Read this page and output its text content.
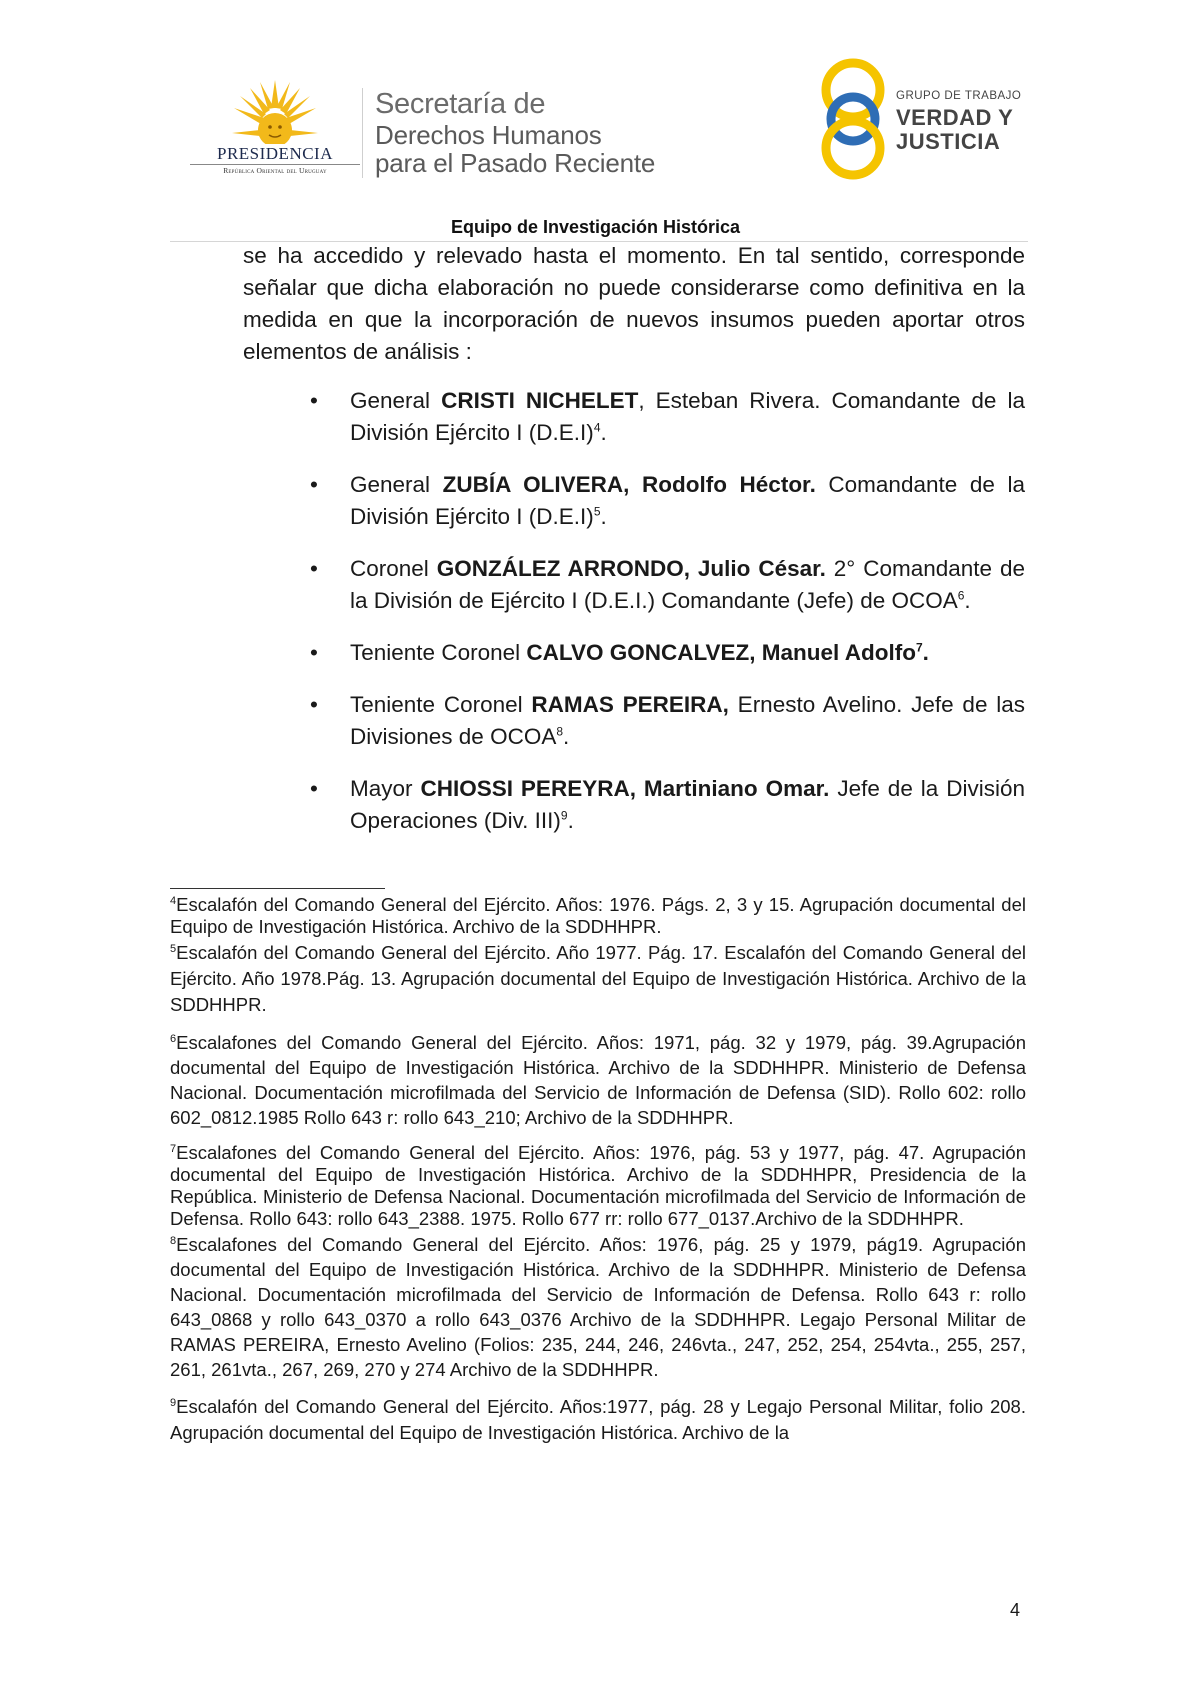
PRESIDENCIA
República Oriental del Uruguay
Secretaría de
Derechos Humanos
para el Pasado Reciente
GRUPO DE TRABAJO
VERDAD Y
JUSTICIA
Equipo de Investigación Histórica

se ha accedido y relevado hasta el momento. En tal sentido, corresponde señalar que dicha elaboración no puede considerarse como definitiva en la medida en que la incorporación de nuevos insumos pueden aportar otros elementos de análisis :

• General CRISTI NICHELET, Esteban Rivera. Comandante de la División Ejército I $(D.E.I)^4$.
• General ZUBÍA OLIVERA, Rodolfo Héctor. Comandante de la División Ejército I $(D.E.I)^5$.
• Coronel GONZÁLEZ ARRONDO, Julio César. 2° Comandante de la División de Ejército I (D.E.I.) Comandante (Jefe) de OCOA$^6$.
• Teniente Coronel CALVO GONCALVEZ, Manuel Adolfo$^7$.
• Teniente Coronel RAMAS PEREIRA, Ernesto Avelino. Jefe de las Divisiones de OCOA$^8$.
• Mayor CHIOSSI PEREYRA, Martiniano Omar. Jefe de la División Operaciones (Div. III)$^9$.
$^4$Escalafón del Comando General del Ejército. Años: 1976. Págs. 2, 3 y 15. Agrupación documental del Equipo de Investigación Histórica. Archivo de la SDDHHPR.
$^5$Escalafón del Comando General del Ejército. Año 1977. Pág. 17. Escalafón del Comando General del Ejército. Año 1978.Pág. 13. Agrupación documental del Equipo de Investigación Histórica. Archivo de la SDDHHPR.
$^6$Escalafones del Comando General del Ejército. Años: 1971, pág. 32 y 1979, pág. 39.Agrupación documental del Equipo de Investigación Histórica. Archivo de la SDDHHPR. Ministerio de Defensa Nacional. Documentación microfilmada del Servicio de Información de Defensa (SID). Rollo 602: rollo 602_0812.1985 Rollo 643 r: rollo 643_210; Archivo de la SDDHHPR.
$^7$Escalafones del Comando General del Ejército. Años: 1976, pág. 53 y 1977, pág. 47. Agrupación documental del Equipo de Investigación Histórica. Archivo de la SDDHHPR, Presidencia de la República. Ministerio de Defensa Nacional. Documentación microfilmada del Servicio de Información de Defensa. Rollo 643: rollo 643_2388. 1975. Rollo 677 rr: rollo 677_0137.Archivo de la SDDHHPR.
$^8$Escalafones del Comando General del Ejército. Años: 1976, pág. 25 y 1979, pág19. Agrupación documental del Equipo de Investigación Histórica. Archivo de la SDDHHPR. Ministerio de Defensa Nacional. Documentación microfilmada del Servicio de Información de Defensa. Rollo 643 r: rollo 643_0868 y rollo 643_0370 a rollo 643_0376 Archivo de la SDDHHPR. Legajo Personal Militar de RAMAS PEREIRA, Ernesto Avelino (Folios: 235, 244, 246, 246vta., 247, 252, 254, 254vta., 255, 257, 261, 261vta., 267, 269, 270 y 274 Archivo de la SDDHHPR.
$^9$Escalafón del Comando General del Ejército. Años:1977, pág. 28 y Legajo Personal Militar, folio 208. Agrupación documental del Equipo de Investigación Histórica. Archivo de la
4
